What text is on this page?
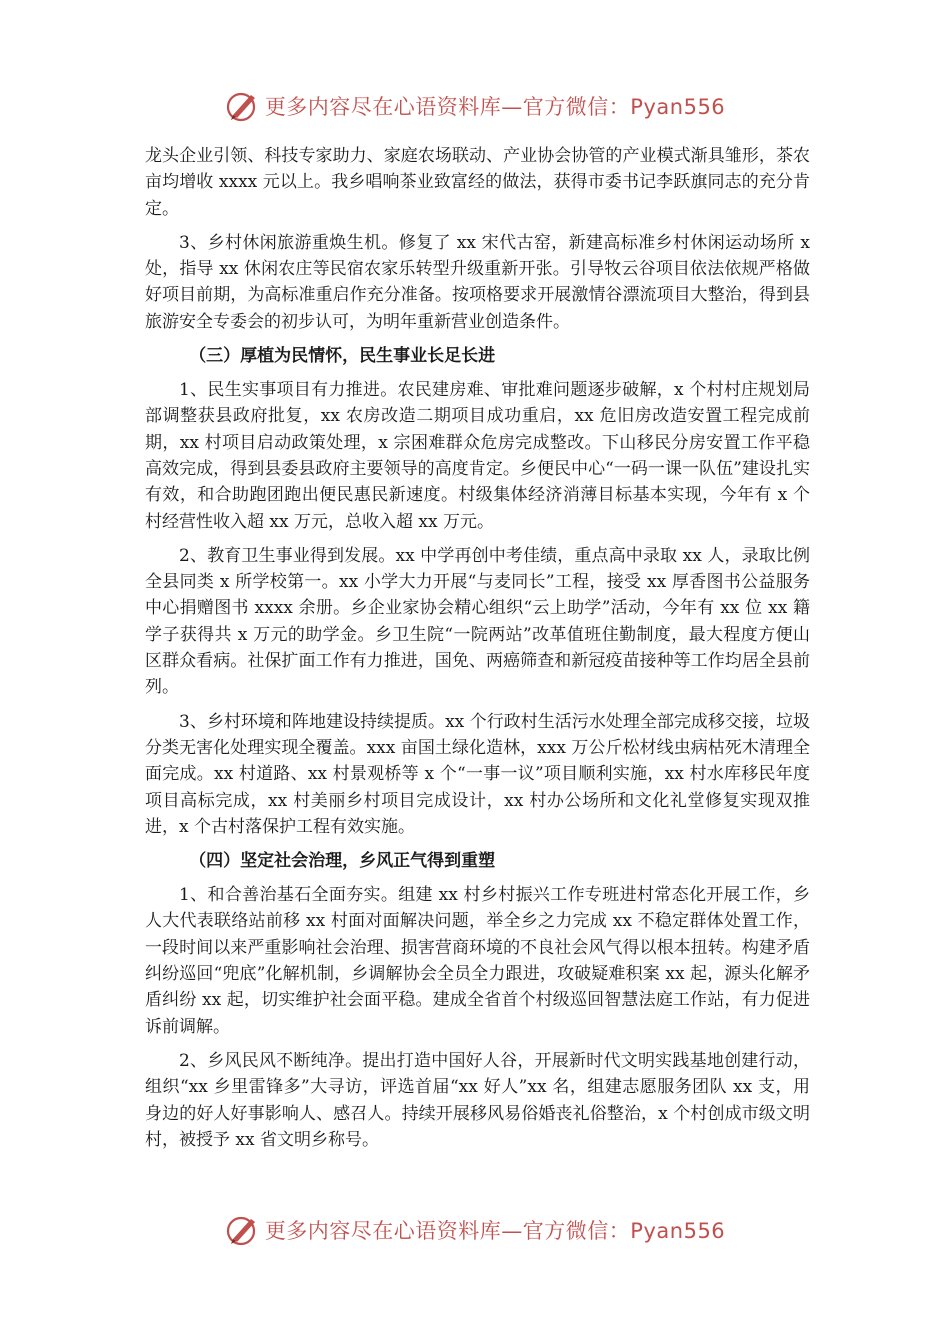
更多内容尽在心语资料库—官方微信：Pyan556

龙头企业引领、科技专家助力、家庭农场联动、产业协会协管的产业模式渐具雏形，茶农亩均增收 xxxx 元以上。我乡唱响茶业致富经的做法，获得市委书记李跃旗同志的充分肯定。

3、乡村休闲旅游重焕生机。修复了 xx 宋代古窑，新建高标准乡村休闲运动场所 x 处，指导 xx 休闲农庄等民宿农家乐转型升级重新开张。引导牧云谷项目依法依规严格做好项目前期，为高标准重启作充分准备。按项格要求开展激情谷漂流项目大整治，得到县旅游安全专委会的初步认可，为明年重新营业创造条件。

（三）厚植为民情怀，民生事业长足长进

1、民生实事项目有力推进。农民建房难、审批难问题逐步破解，x 个村村庄规划局部调整获县政府批复，xx 农房改造二期项目成功重启，xx 危旧房改造安置工程完成前期，xx 村项目启动政策处理，x 宗困难群众危房完成整改。下山移民分房安置工作平稳高效完成，得到县委县政府主要领导的高度肯定。乡便民中心“一码一课一队伍”建设扎实有效，和合助跑团跑出便民惠民新速度。村级集体经济消薄目标基本实现，今年有 x 个村经营性收入超 xx 万元，总收入超 xx 万元。

2、教育卫生事业得到发展。xx 中学再创中考佳绩，重点高中录取 xx 人，录取比例全县同类 x 所学校第一。xx 小学大力开展“与麦同长”工程，接受 xx 厚香图书公益服务中心捐赠图书 xxxx 余册。乡企业家协会精心组织“云上助学”活动，今年有 xx 位 xx 籍学子获得共 x 万元的助学金。乡卫生院“一院两站”改革值班住勤制度，最大程度方便山区群众看病。社保扩面工作有力推进，国免、两癌筛查和新冠疫苗接种等工作均居全县前列。

3、乡村环境和阵地建设持续提质。xx 个行政村生活污水处理全部完成移交接，垃圾分类无害化处理实现全覆盖。xxx 亩国土绿化造林，xxx 万公斤松材线虫病枯死木清理全面完成。xx 村道路、xx 村景观桥等 x 个“一事一议”项目顺利实施，xx 村水库移民年度项目高标完成，xx 村美丽乡村项目完成设计，xx 村办公场所和文化礼堂修复实现双推进，x 个古村落保护工程有效实施。

（四）坚定社会治理，乡风正气得到重塑

1、和合善治基石全面夯实。组建 xx 村乡村振兴工作专班进村常态化开展工作，乡人大代表联络站前移 xx 村面对面解决问题，举全乡之力完成 xx 不稳定群体处置工作，一段时间以来严重影响社会治理、损害营商环境的不良社会风气得以根本扭转。构建矛盾纠纷巡回“兜底”化解机制，乡调解协会全员全力跟进，攻破疑难积案 xx 起，源头化解矛盾纠纷 xx 起，切实维护社会面平稳。建成全省首个村级巡回智慧法庭工作站，有力促进诉前调解。

2、乡风民风不断纯净。提出打造中国好人谷，开展新时代文明实践基地创建行动，组织“xx 乡里雷锋多”大寻访，评选首届“xx 好人”xx 名，组建志愿服务团队 xx 支，用身边的好人好事影响人、感召人。持续开展移风易俗婚丧礼俗整治，x 个村创成市级文明村，被授予 xx 省文明乡称号。

更多内容尽在心语资料库—官方微信：Pyan556
